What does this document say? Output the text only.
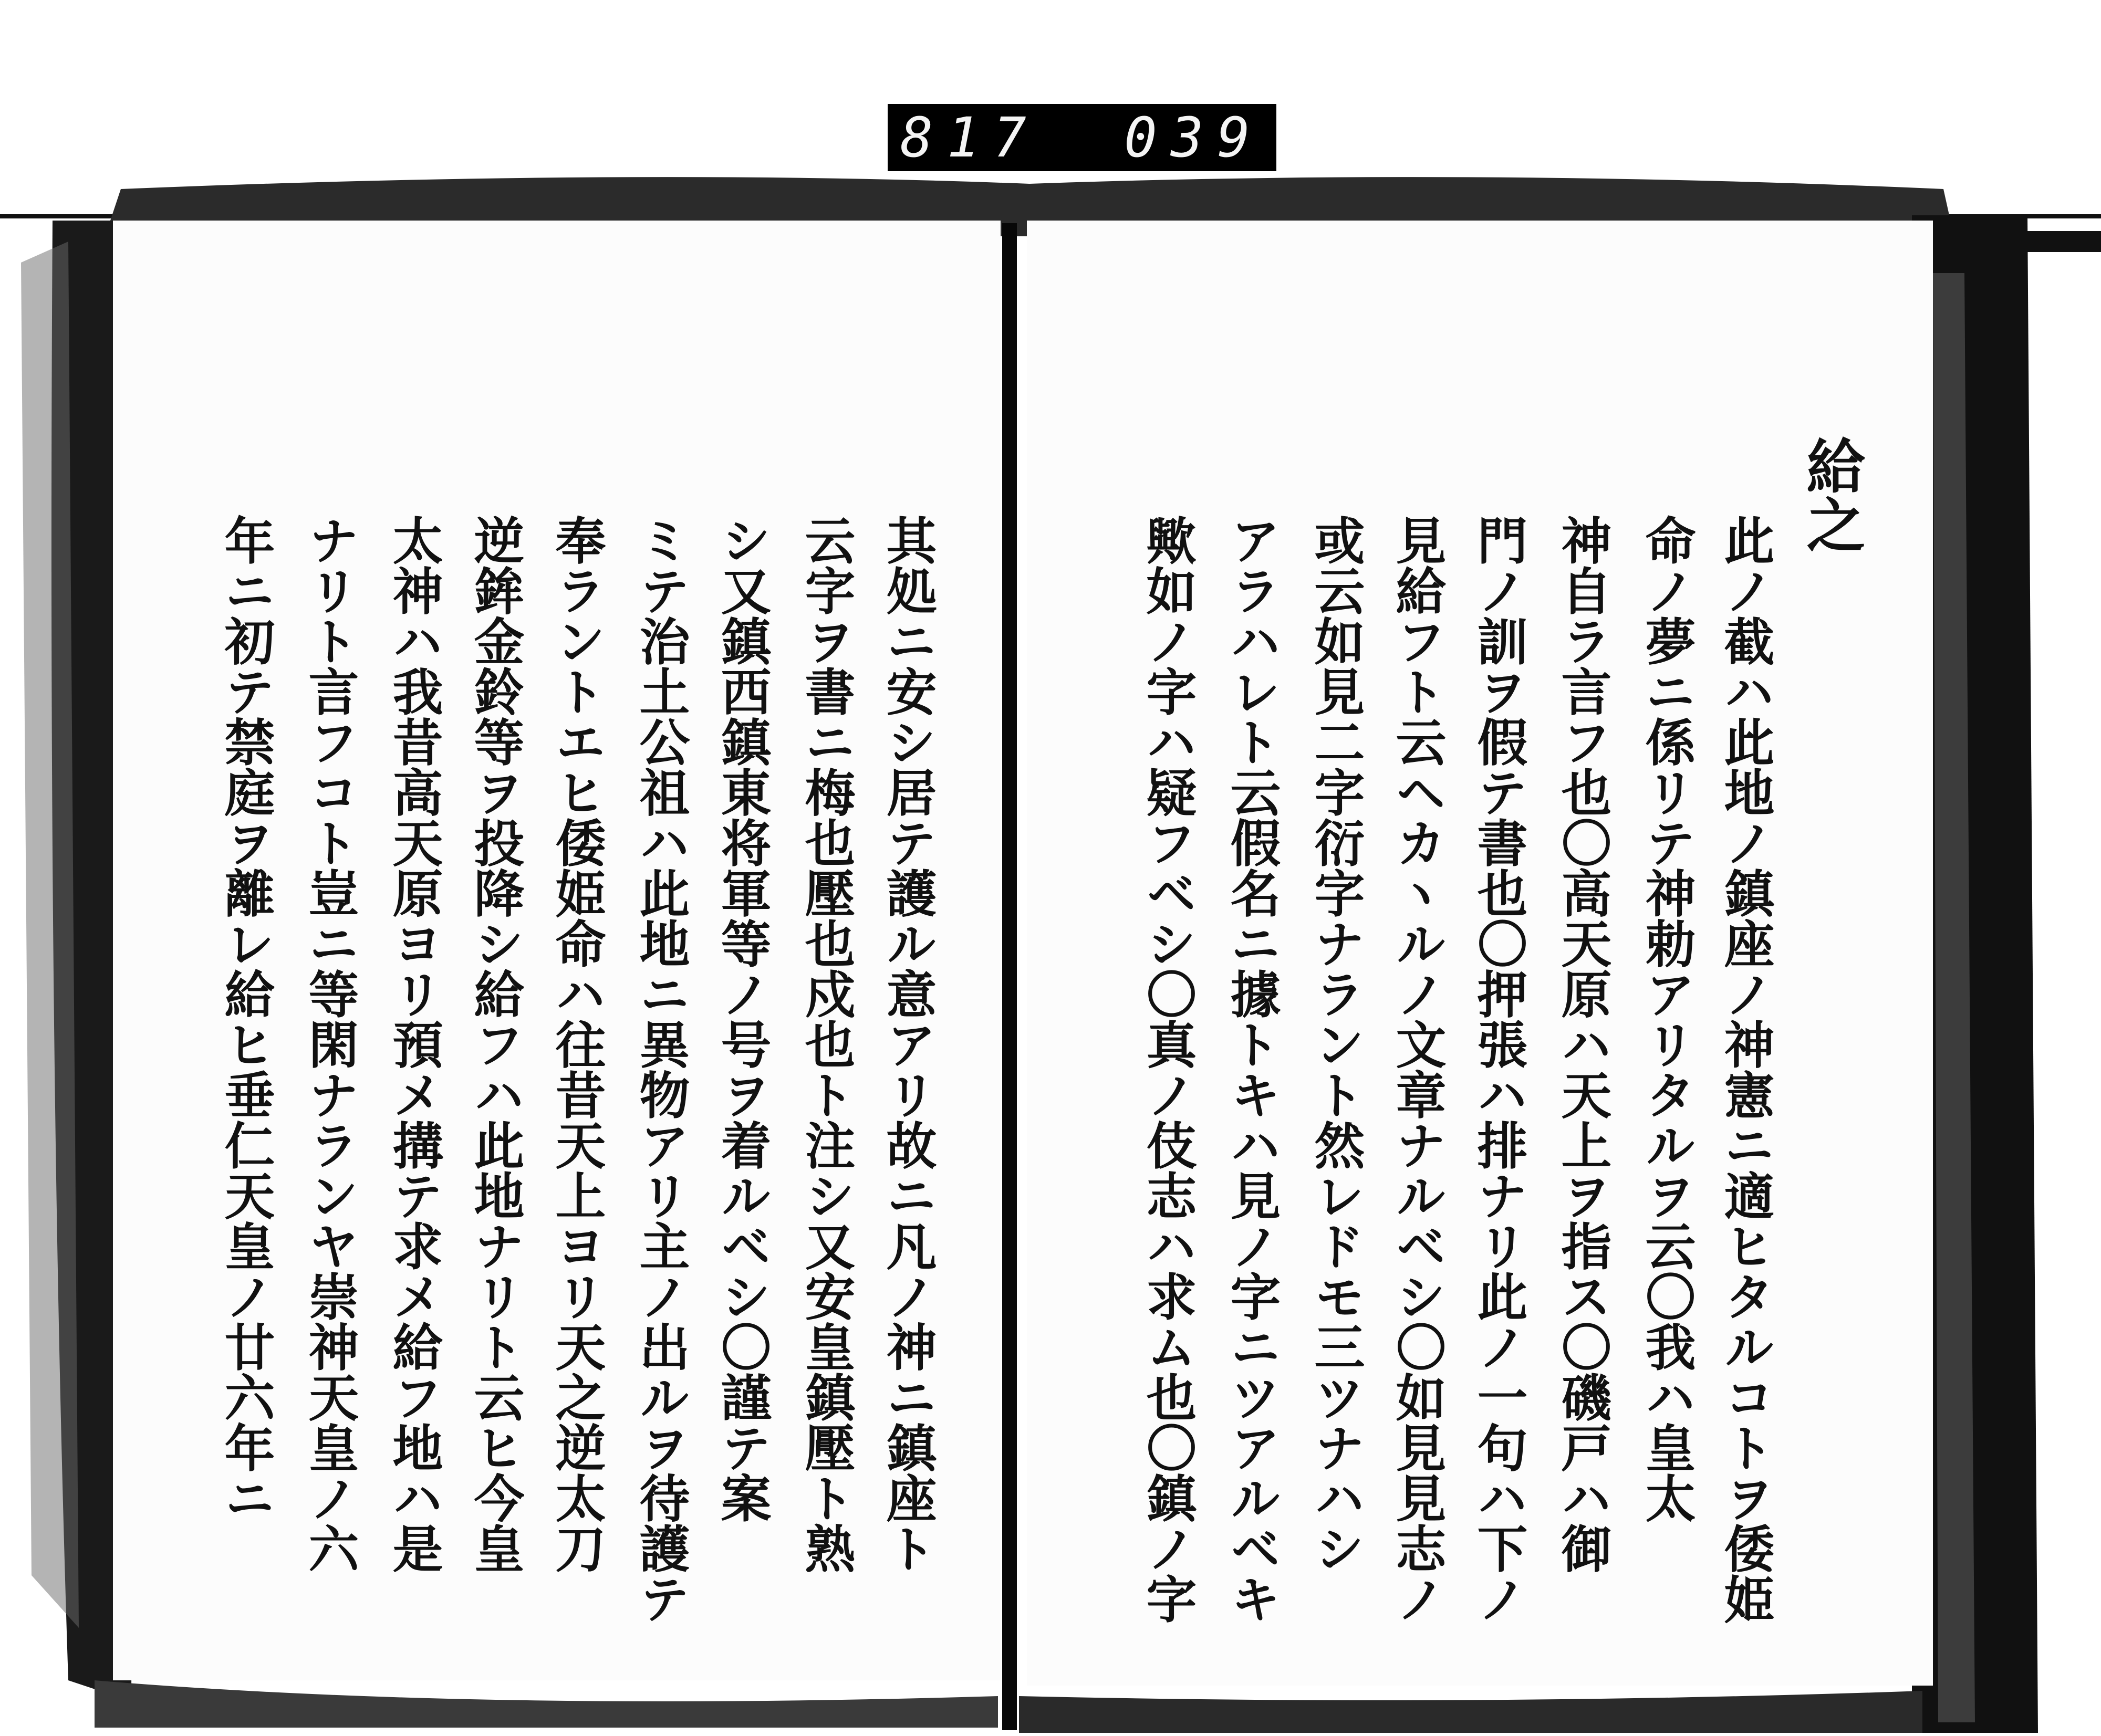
817 039
給之
此ノ截ハ此地ノ鎮座ノ神憲ニ適ヒタルコトヲ倭姫
命ノ夢ニ係リテ神勅アリタルヲ云〇我ハ皇太
神自ラ言フ也〇高天原ハ天上ヲ指ス〇磯戸ハ御
門ノ訓ヲ假テ書也〇押張ハ排ナリ此ノ一句ハ下ノ
見給フト云ヘカヽルノ文章ナルベシ〇如見見志ノ
或云如見二字衍字ナラント然レドモ三ツナハシ
アラハレト云假名ニ據トキハ見ノ字ニツアルベキ
歟如ノ字ハ疑フベシ〇真ノ伎志ハ求ム也〇鎮ノ字
其処ニ安シ居テ護ル意アリ故ニ凡ノ神ニ鎮座ト
云字ヲ書ニ梅也壓也戍也ト注シ又安皇鎮壓ト熟
シ又鎮西鎮東将軍等ノ号ヲ着ルベシ〇謹テ案
ミテ治土公祖ハ此地ニ異物アリ主ノ出ルヲ待護テ
奉ラントエヒ倭姫命ハ往昔天上ヨリ天之逆太刀
逆鉾金鈴等ヲ投降シ給フハ此地ナリト云ヒ今皇
太神ハ我昔高天原ヨリ預メ搆テ求メ給フ地ハ是
ナリト言フコト豈ニ等閑ナランヤ崇神天皇ノ六
年ニ初テ禁庭ヲ離レ給ヒ垂仁天皇ノ廿六年ニ
